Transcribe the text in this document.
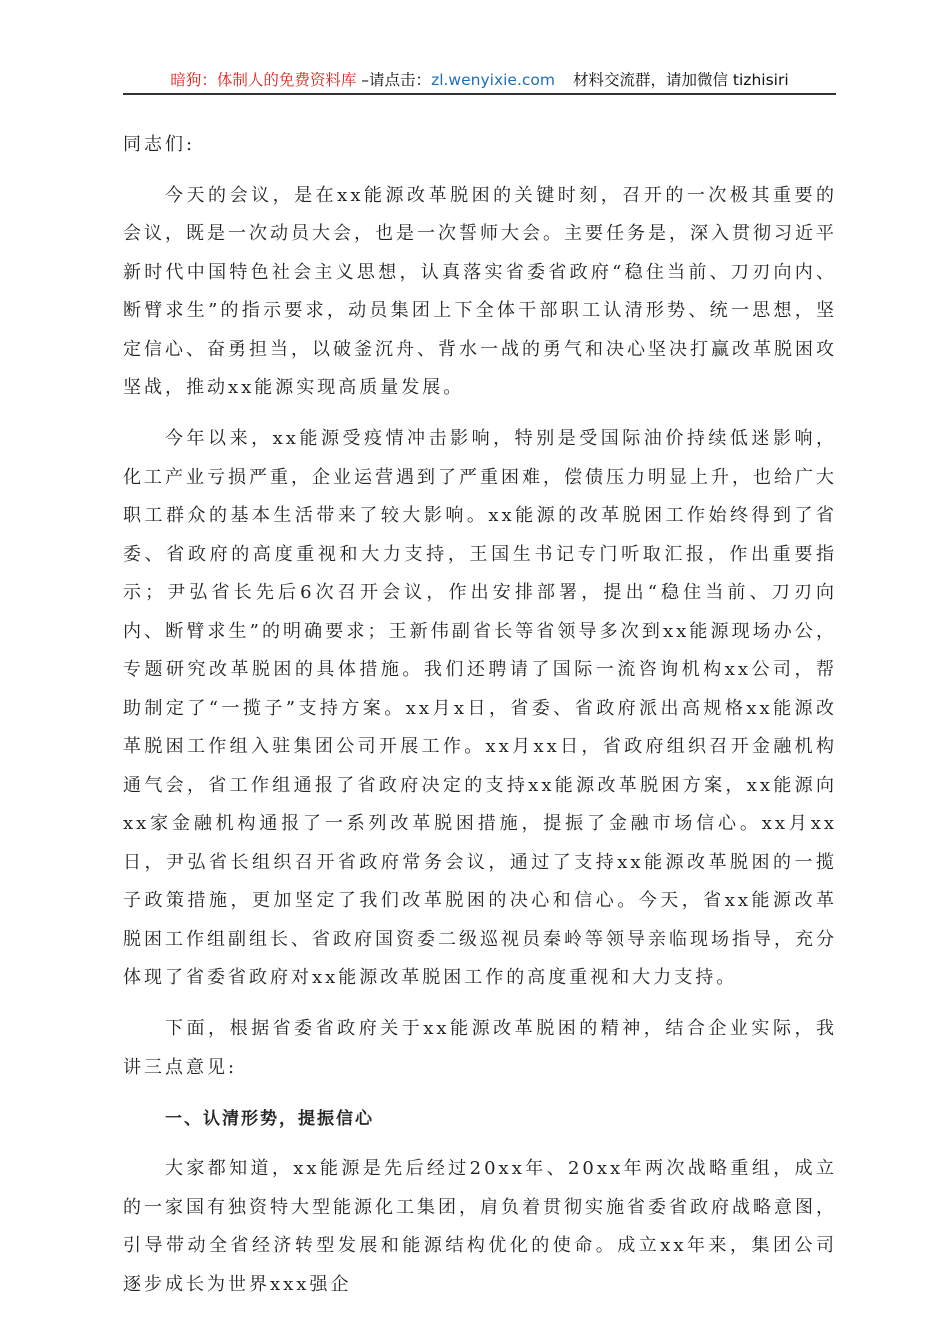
暗狗：体制人的免费资料库 –请点击：zl.wenyixie.com 材料交流群，请加微信 tizhisiri

同志们:

今天的会议，是在xx能源改革脱困的关键时刻，召开的一次极其重要的会议，既是一次动员大会，也是一次誓师大会。主要任务是，深入贯彻习近平新时代中国特色社会主义思想，认真落实省委省政府“稳住当前、刀刃向内、断臂求生”的指示要求，动员集团上下全体干部职工认清形势、统一思想，坚定信心、奋勇担当，以破釜沉舟、背水一战的勇气和决心坚决打赢改革脱困攻坚战，推动xx能源实现高质量发展。

今年以来，xx能源受疫情冲击影响，特别是受国际油价持续低迷影响，化工产业亏损严重，企业运营遇到了严重困难，偿债压力明显上升，也给广大职工群众的基本生活带来了较大影响。xx能源的改革脱困工作始终得到了省委、省政府的高度重视和大力支持，王国生书记专门听取汇报，作出重要指示；尹弘省长先后6次召开会议，作出安排部署，提出“稳住当前、刀刃向内、断臂求生”的明确要求；王新伟副省长等省领导多次到xx能源现场办公，专题研究改革脱困的具体措施。我们还聘请了国际一流咨询机构xx公司，帮助制定了“一揽子”支持方案。xx月x日，省委、省政府派出高规格xx能源改革脱困工作组入驻集团公司开展工作。xx月xx日，省政府组织召开金融机构通气会，省工作组通报了省政府决定的支持xx能源改革脱困方案，xx能源向xx家金融机构通报了一系列改革脱困措施，提振了金融市场信心。xx月xx日，尹弘省长组织召开省政府常务会议，通过了支持xx能源改革脱困的一揽子政策措施，更加坚定了我们改革脱困的决心和信心。今天，省xx能源改革脱困工作组副组长、省政府国资委二级巡视员秦岭等领导亲临现场指导，充分体现了省委省政府对xx能源改革脱困工作的高度重视和大力支持。

下面，根据省委省政府关于xx能源改革脱困的精神，结合企业实际，我讲三点意见:

一、认清形势，提振信心

大家都知道，xx能源是先后经过20xx年、20xx年两次战略重组，成立的一家国有独资特大型能源化工集团，肩负着贯彻实施省委省政府战略意图，引导带动全省经济转型发展和能源结构优化的使命。成立xx年来，集团公司逐步成长为世界xxx强企
